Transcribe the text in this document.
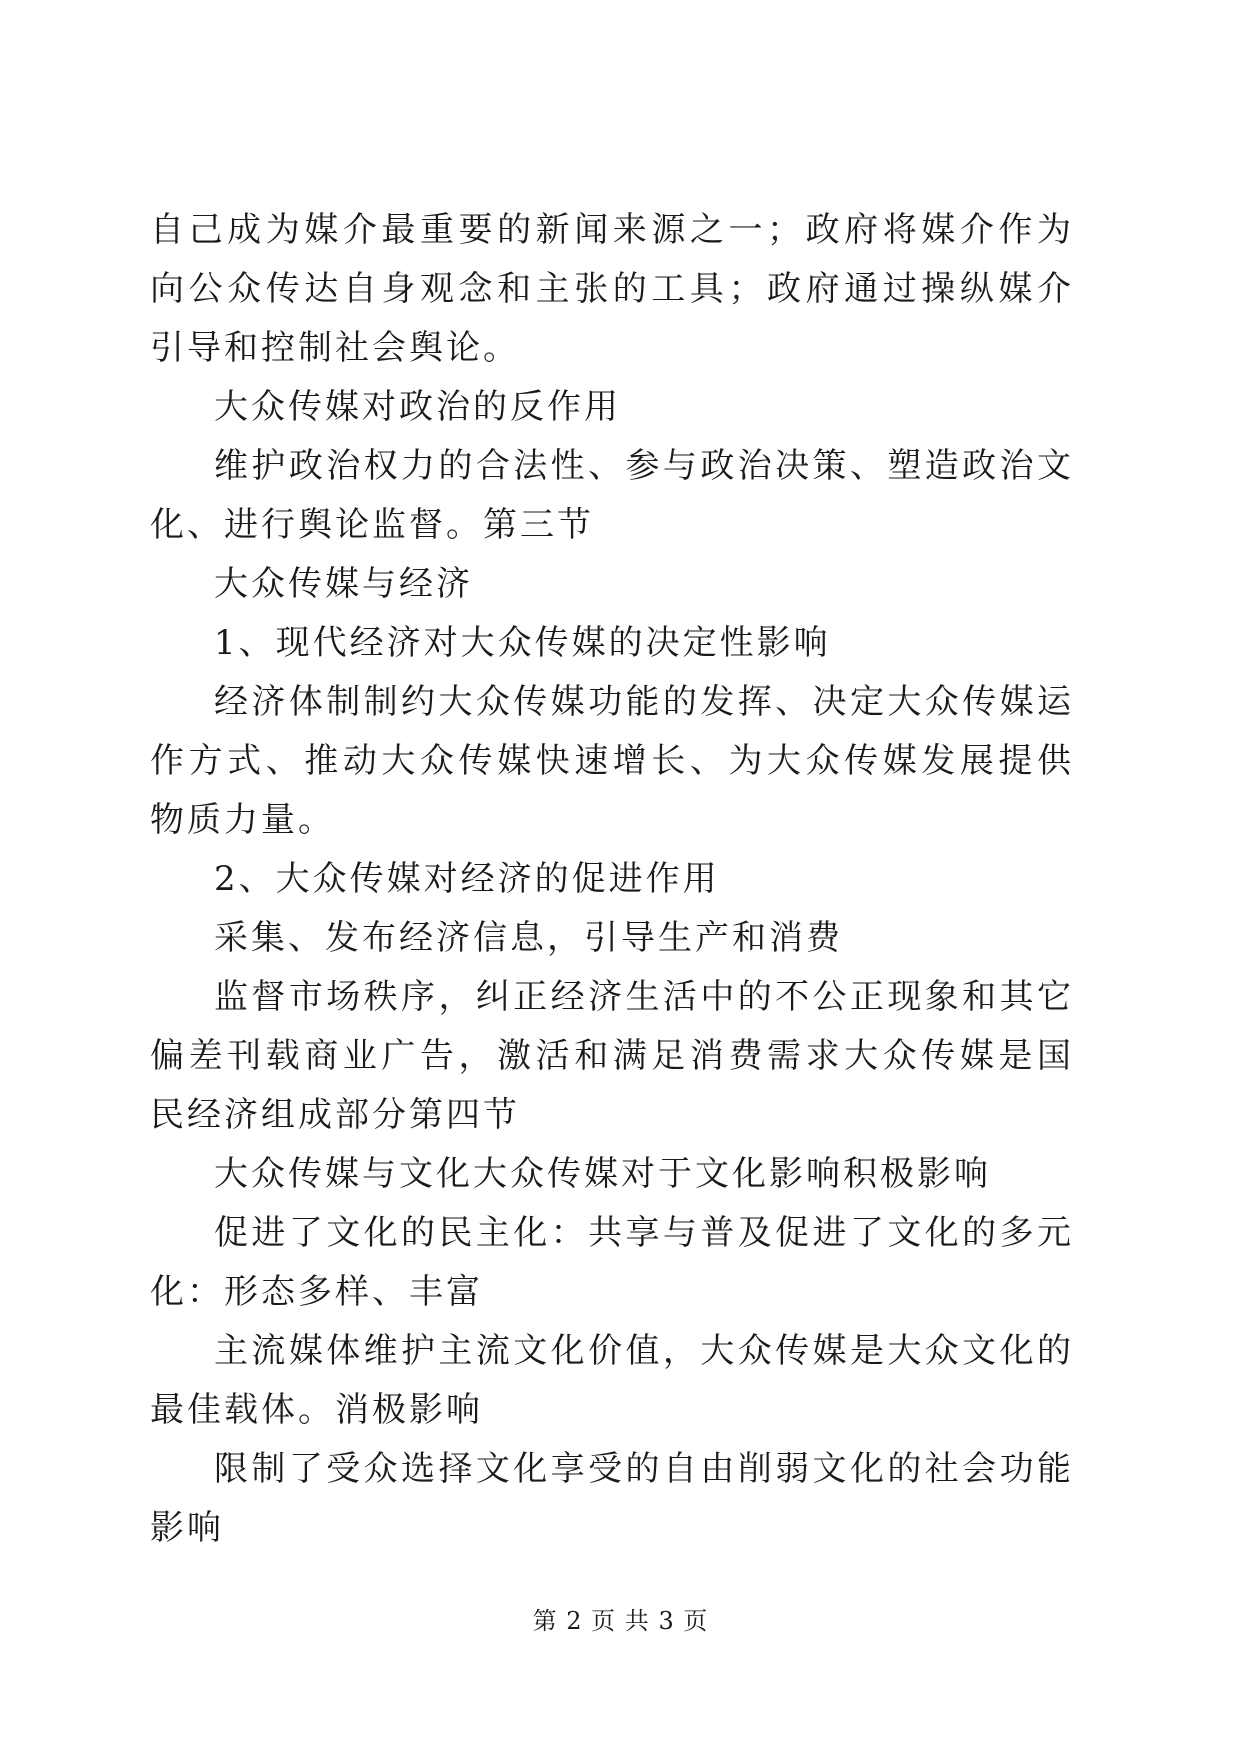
自己成为媒介最重要的新闻来源之一；政府将媒介作为向公众传达自身观念和主张的工具；政府通过操纵媒介引导和控制社会舆论。

大众传媒对政治的反作用

维护政治权力的合法性、参与政治决策、塑造政治文化、进行舆论监督。第三节

大众传媒与经济

1、现代经济对大众传媒的决定性影响

经济体制制约大众传媒功能的发挥、决定大众传媒运作方式、推动大众传媒快速增长、为大众传媒发展提供物质力量。

2、大众传媒对经济的促进作用

采集、发布经济信息，引导生产和消费

监督市场秩序，纠正经济生活中的不公正现象和其它偏差刊载商业广告，激活和满足消费需求大众传媒是国民经济组成部分第四节

大众传媒与文化大众传媒对于文化影响积极影响

促进了文化的民主化：共享与普及促进了文化的多元化：形态多样、丰富

主流媒体维护主流文化价值，大众传媒是大众文化的最佳载体。消极影响

限制了受众选择文化享受的自由削弱文化的社会功能影响

第 2 页 共 3 页
